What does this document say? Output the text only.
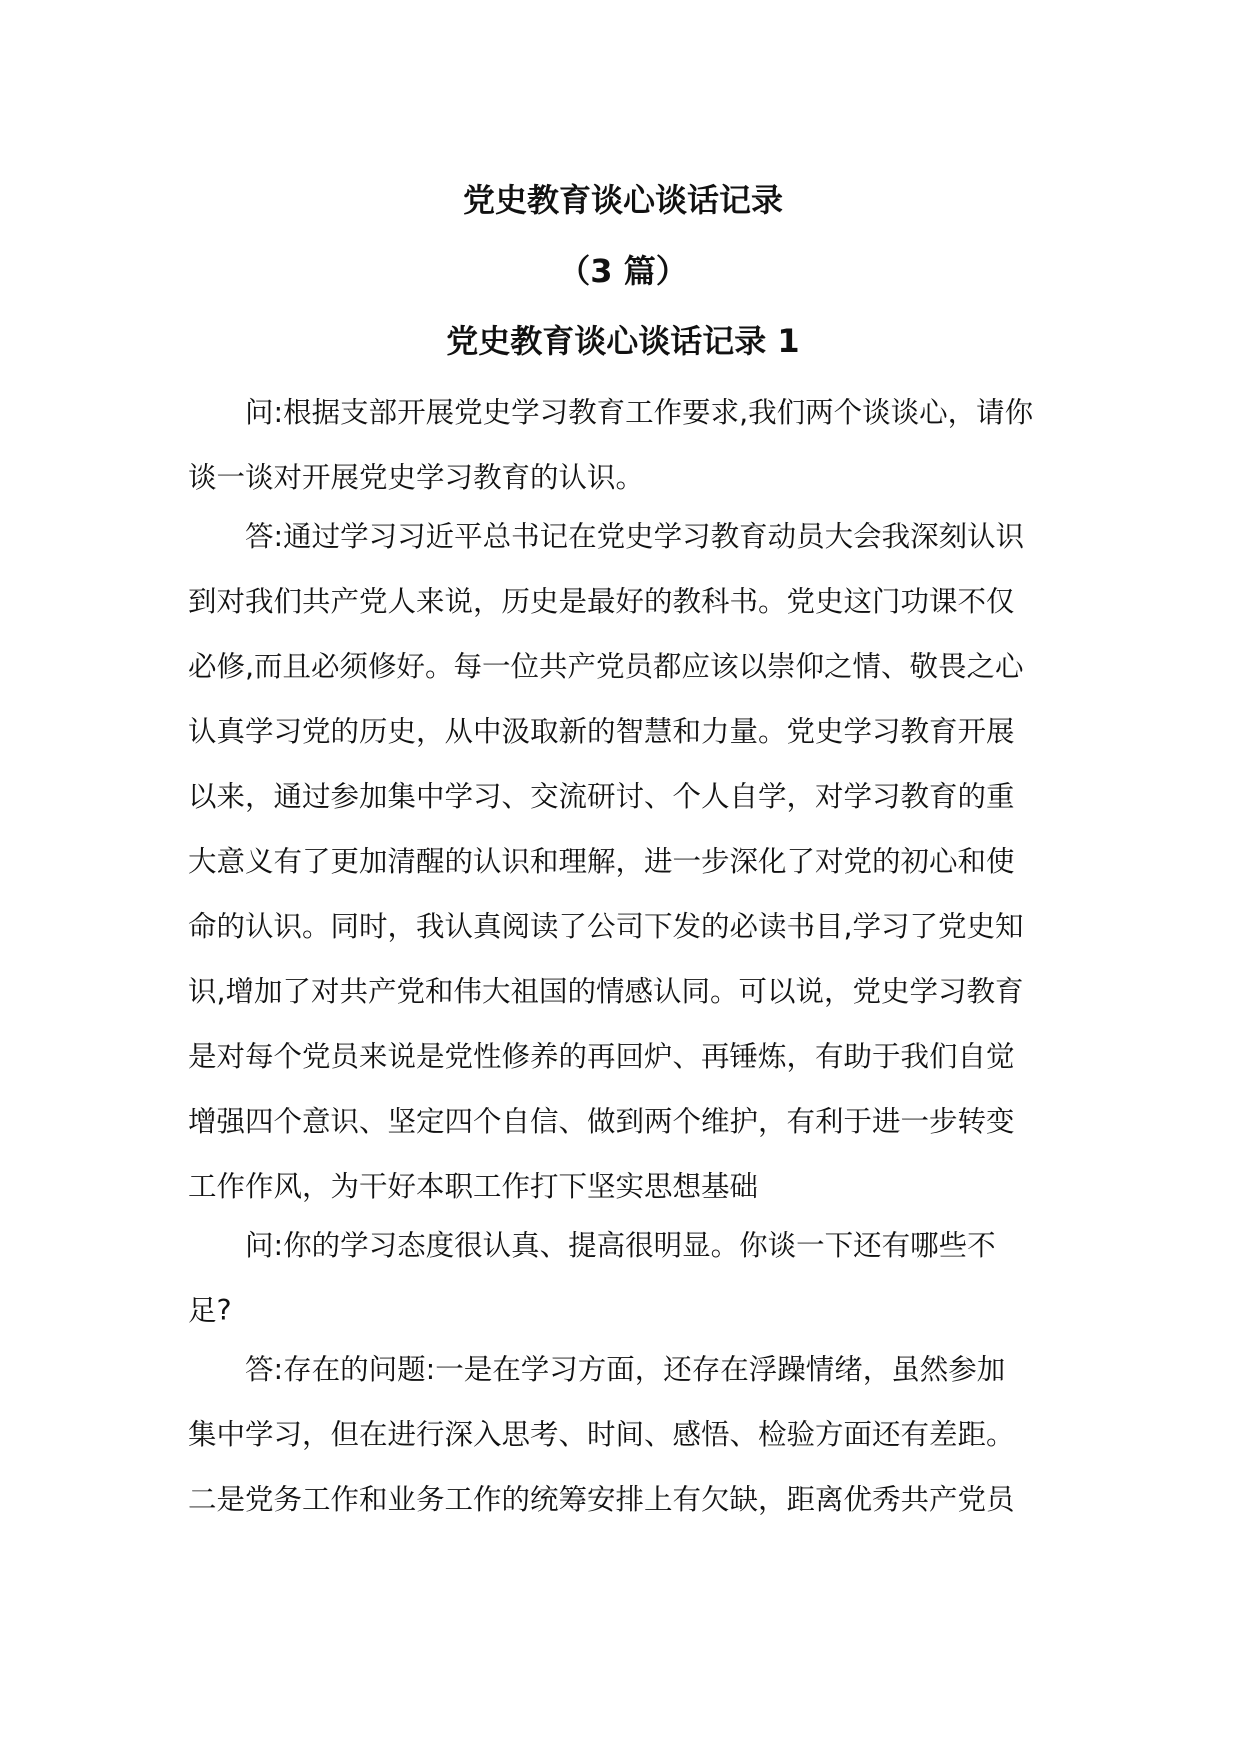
党史教育谈心谈话记录
（3 篇）
党史教育谈心谈话记录 1
问:根据支部开展党史学习教育工作要求,我们两个谈谈心，请你
谈一谈对开展党史学习教育的认识。
答:通过学习习近平总书记在党史学习教育动员大会我深刻认识
到对我们共产党人来说，历史是最好的教科书。党史这门功课不仅
必修,而且必须修好。每一位共产党员都应该以崇仰之情、敬畏之心
认真学习党的历史，从中汲取新的智慧和力量。党史学习教育开展
以来，通过参加集中学习、交流研讨、个人自学，对学习教育的重
大意义有了更加清醒的认识和理解，进一步深化了对党的初心和使
命的认识。同时，我认真阅读了公司下发的必读书目,学习了党史知
识,增加了对共产党和伟大祖国的情感认同。可以说，党史学习教育
是对每个党员来说是党性修养的再回炉、再锤炼，有助于我们自觉
增强四个意识、坚定四个自信、做到两个维护，有利于进一步转变
工作作风，为干好本职工作打下坚实思想基础
问:你的学习态度很认真、提高很明显。你谈一下还有哪些不
足?
答:存在的问题:一是在学习方面，还存在浮躁情绪，虽然参加
集中学习，但在进行深入思考、时间、感悟、检验方面还有差距。
二是党务工作和业务工作的统筹安排上有欠缺，距离优秀共产党员
